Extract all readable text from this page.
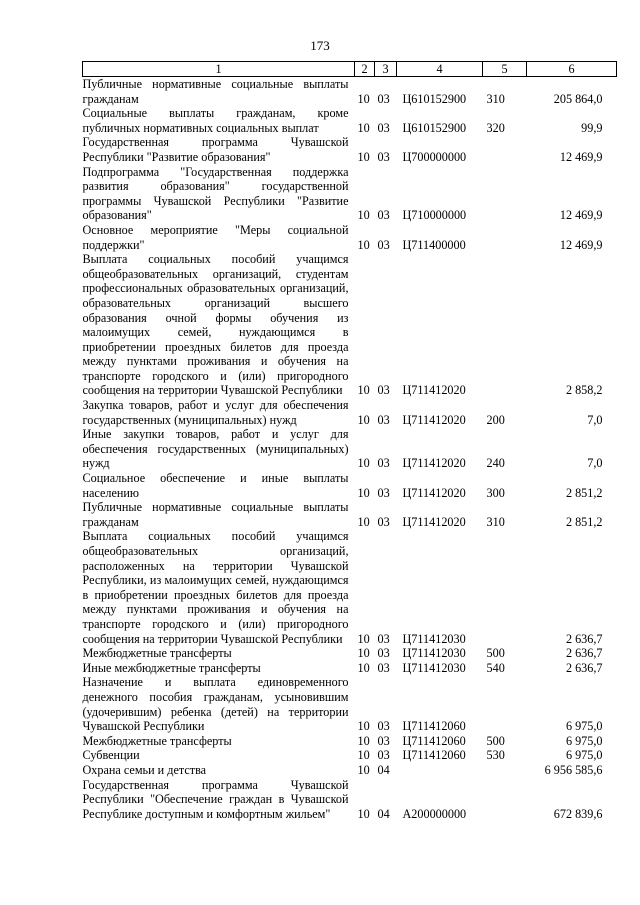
173
1	2	3	4	5	6
Публичные нормативные социальные выплаты гражданам	10	03	Ц610152900	310	205 864,0
Социальные выплаты гражданам, кроме публичных нормативных социальных выплат	10	03	Ц610152900	320	99,9
Государственная программа Чувашской Республики "Развитие образования"	10	03	Ц700000000		12 469,9
Подпрограмма "Государственная поддержка развития образования" государственной программы Чувашской Республики "Развитие образования"	10	03	Ц710000000		12 469,9
Основное мероприятие "Меры социальной поддержки"	10	03	Ц711400000		12 469,9
Выплата социальных пособий учащимся общеобразовательных организаций, студентам профессиональных образовательных организаций, образовательных организаций высшего образования очной формы обучения из малоимущих семей, нуждающимся в приобретении проездных билетов для проезда между пунктами проживания и обучения на транспорте городского и (или) пригородного сообщения на территории Чувашской Республики	10	03	Ц711412020		2 858,2
Закупка товаров, работ и услуг для обеспечения государственных (муниципальных) нужд	10	03	Ц711412020	200	7,0
Иные закупки товаров, работ и услуг для обеспечения государственных (муниципальных) нужд	10	03	Ц711412020	240	7,0
Социальное обеспечение и иные выплаты населению	10	03	Ц711412020	300	2 851,2
Публичные нормативные социальные выплаты гражданам	10	03	Ц711412020	310	2 851,2
Выплата социальных пособий учащимся общеобразовательных организаций, расположенных на территории Чувашской Республики, из малоимущих семей, нуждающимся в приобретении проездных билетов для проезда между пунктами проживания и обучения на транспорте городского и (или) пригородного сообщения на территории Чувашской Республики	10	03	Ц711412030		2 636,7
Межбюджетные трансферты	10	03	Ц711412030	500	2 636,7
Иные межбюджетные трансферты	10	03	Ц711412030	540	2 636,7
Назначение и выплата единовременного денежного пособия гражданам, усыновившим (удочерившим) ребенка (детей) на территории Чувашской Республики	10	03	Ц711412060		6 975,0
Межбюджетные трансферты	10	03	Ц711412060	500	6 975,0
Субвенции	10	03	Ц711412060	530	6 975,0
Охрана семьи и детства	10	04			6 956 585,6
Государственная программа Чувашской Республики "Обеспечение граждан в Чувашской Республике доступным и комфортным жильем"	10	04	А200000000		672 839,6
